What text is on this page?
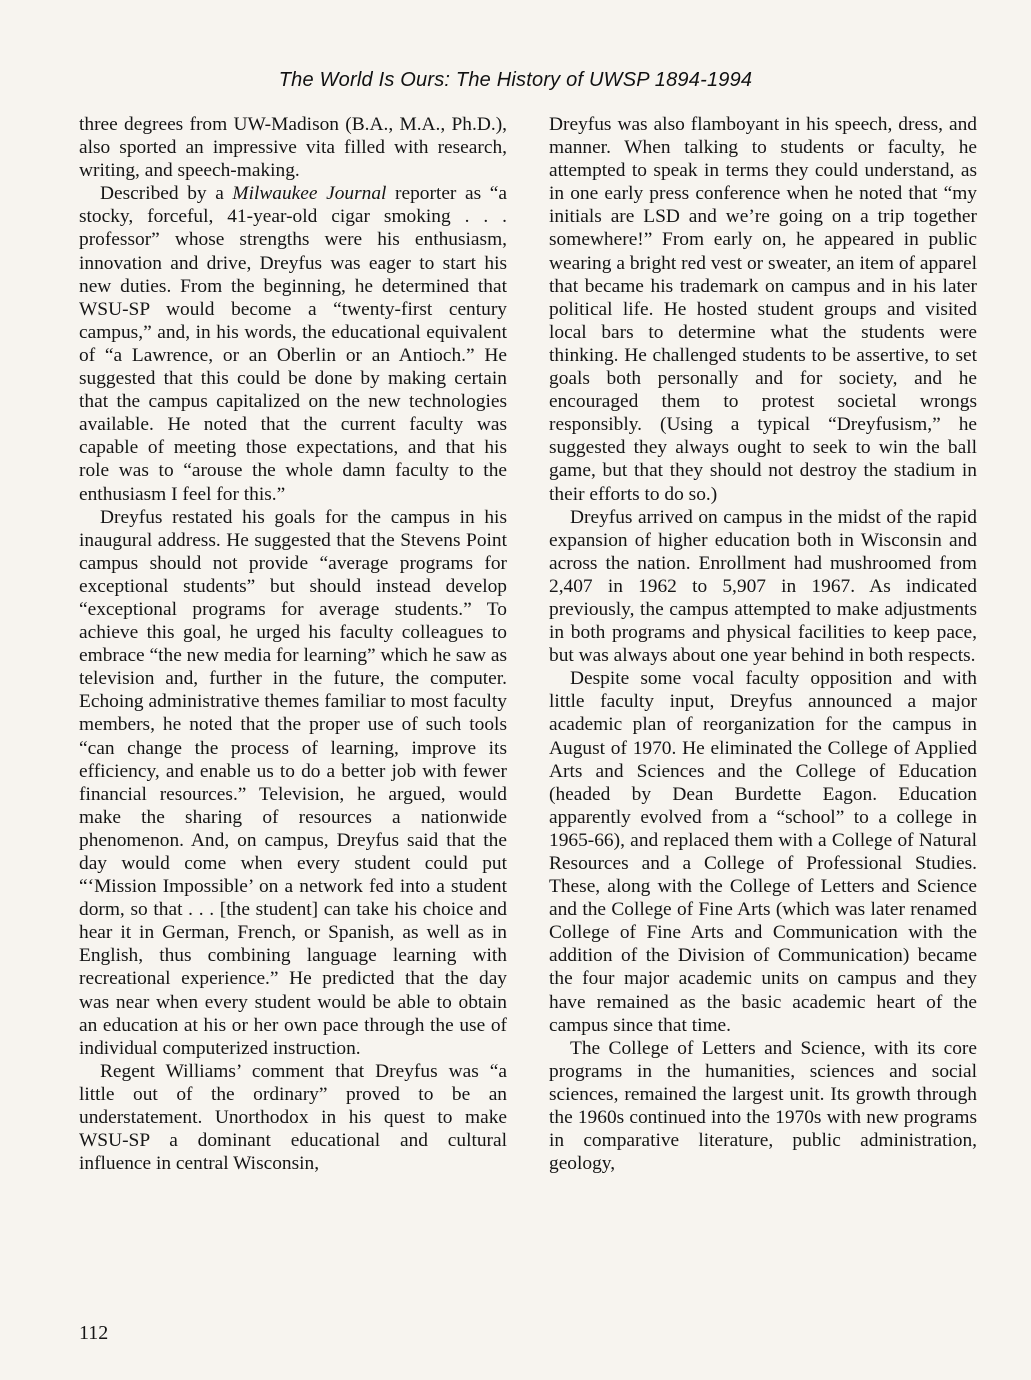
The World Is Ours: The History of UWSP 1894-1994

three degrees from UW-Madison (B.A., M.A., Ph.D.), also sported an impressive vita filled with research, writing, and speech-making.

Described by a Milwaukee Journal reporter as “a stocky, forceful, 41-year-old cigar smoking . . . professor” whose strengths were his enthusiasm, innovation and drive, Dreyfus was eager to start his new duties. From the beginning, he determined that WSU-SP would become a “twenty-first century campus,” and, in his words, the educational equivalent of “a Lawrence, or an Oberlin or an Antioch.” He suggested that this could be done by making certain that the campus capitalized on the new technologies available. He noted that the current faculty was capable of meeting those expectations, and that his role was to “arouse the whole damn faculty to the enthusiasm I feel for this.”

Dreyfus restated his goals for the campus in his inaugural address. He suggested that the Stevens Point campus should not provide “average programs for exceptional students” but should instead develop “exceptional programs for average students.” To achieve this goal, he urged his faculty colleagues to embrace “the new media for learning” which he saw as television and, further in the future, the computer. Echoing administrative themes familiar to most faculty members, he noted that the proper use of such tools “can change the process of learning, improve its efficiency, and enable us to do a better job with fewer financial resources.” Television, he argued, would make the sharing of resources a nationwide phenomenon. And, on campus, Dreyfus said that the day would come when every student could put “‘Mission Impossible’ on a network fed into a student dorm, so that . . . [the student] can take his choice and hear it in German, French, or Spanish, as well as in English, thus combining language learning with recreational experience.” He predicted that the day was near when every student would be able to obtain an education at his or her own pace through the use of individual computerized instruction.

Regent Williams’ comment that Dreyfus was “a little out of the ordinary” proved to be an understatement. Unorthodox in his quest to make WSU-SP a dominant educational and cultural influence in central Wisconsin,

Dreyfus was also flamboyant in his speech, dress, and manner. When talking to students or faculty, he attempted to speak in terms they could understand, as in one early press conference when he noted that “my initials are LSD and we’re going on a trip together somewhere!” From early on, he appeared in public wearing a bright red vest or sweater, an item of apparel that became his trademark on campus and in his later political life. He hosted student groups and visited local bars to determine what the students were thinking. He challenged students to be assertive, to set goals both personally and for society, and he encouraged them to protest societal wrongs responsibly. (Using a typical “Dreyfusism,” he suggested they always ought to seek to win the ball game, but that they should not destroy the stadium in their efforts to do so.)

Dreyfus arrived on campus in the midst of the rapid expansion of higher education both in Wisconsin and across the nation. Enrollment had mushroomed from 2,407 in 1962 to 5,907 in 1967. As indicated previously, the campus attempted to make adjustments in both programs and physical facilities to keep pace, but was always about one year behind in both respects.

Despite some vocal faculty opposition and with little faculty input, Dreyfus announced a major academic plan of reorganization for the campus in August of 1970. He eliminated the College of Applied Arts and Sciences and the College of Education (headed by Dean Burdette Eagon. Education apparently evolved from a “school” to a college in 1965-66), and replaced them with a College of Natural Resources and a College of Professional Studies. These, along with the College of Letters and Science and the College of Fine Arts (which was later renamed College of Fine Arts and Communication with the addition of the Division of Communication) became the four major academic units on campus and they have remained as the basic academic heart of the campus since that time.

The College of Letters and Science, with its core programs in the humanities, sciences and social sciences, remained the largest unit. Its growth through the 1960s continued into the 1970s with new programs in comparative literature, public administration, geology,

112
